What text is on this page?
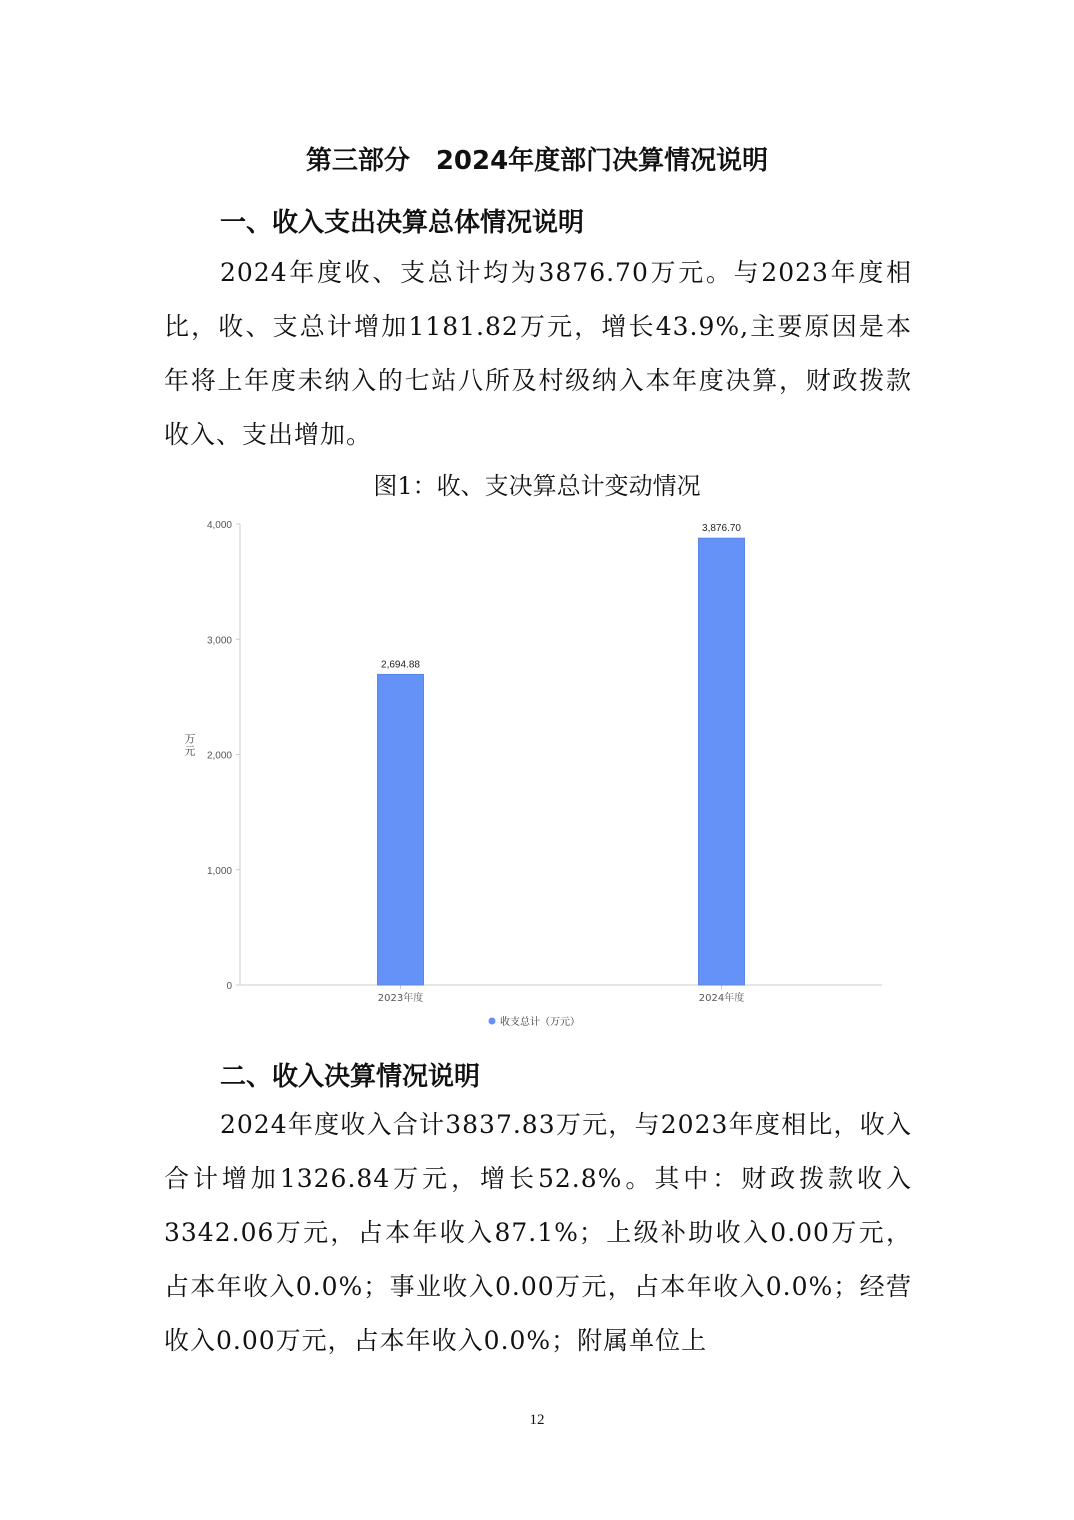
第三部分　2024年度部门决算情况说明
一、收入支出决算总体情况说明
2024年度收、支总计均为3876.70万元。与2023年度相比，收、支总计增加1181.82万元，增长43.9%,主要原因是本年将上年度未纳入的七站八所及村级纳入本年度决算，财政拨款收入、支出增加。
图1：收、支决算总计变动情况
0
1,000
2,000
3,000
4,000
万元
2023年度	2024年度
2,694.88
3,876.70
收支总计（万元）
二、收入决算情况说明
2024年度收入合计3837.83万元，与2023年度相比，收入合计增加1326.84万元，增长52.8%。其中：财政拨款收入3342.06万元，占本年收入87.1%；上级补助收入0.00万元，占本年收入0.0%；事业收入0.00万元，占本年收入0.0%；经营收入0.00万元，占本年收入0.0%；附属单位上
12
